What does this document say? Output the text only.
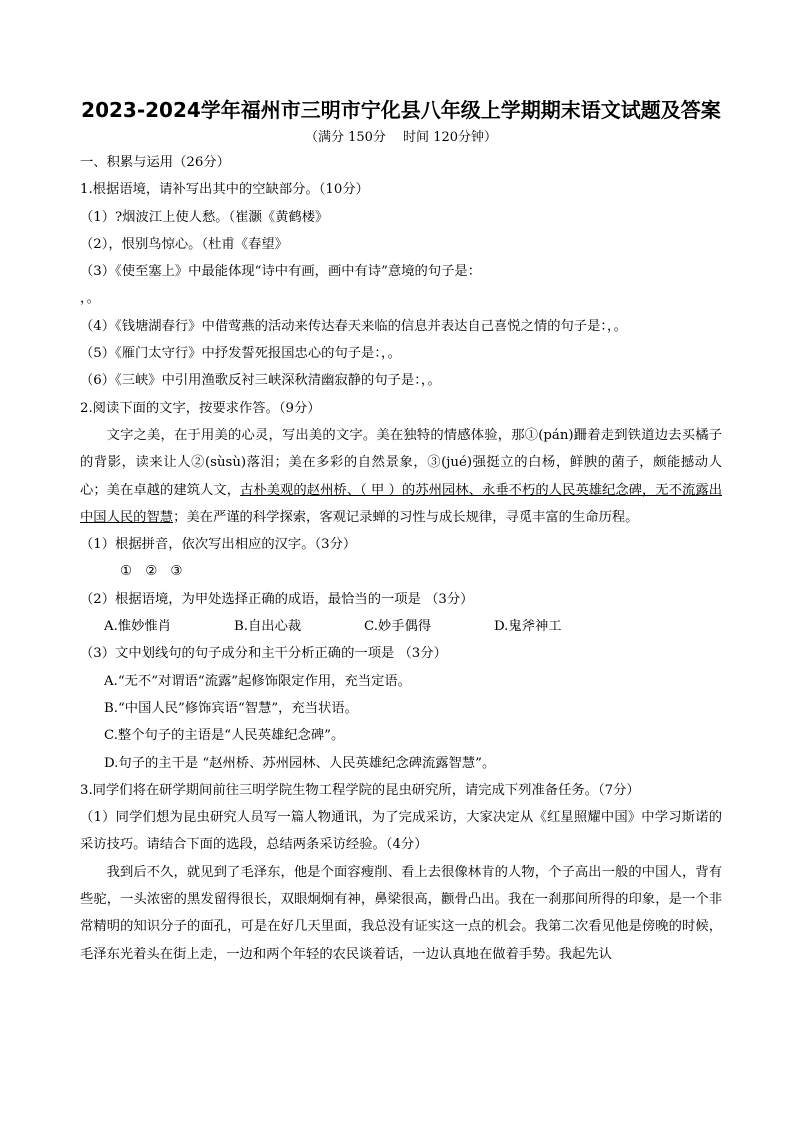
2023-2024学年福州市三明市宁化县八年级上学期期末语文试题及答案
（满分 150分　 时间 120分钟）
一、积累与运用（26分）
1.根据语境，请补写出其中的空缺部分。（10分）
（1）?烟波江上使人愁。（崔灏《黄鹤楼》
（2），恨别鸟惊心。（杜甫《春望》
（3）《使至塞上》中最能体现“诗中有画，画中有诗”意境的句子是：
，。
（4）《钱塘湖春行》中借莺燕的活动来传达春天来临的信息并表达自己喜悦之情的句子是：，。
（5）《雁门太守行》中抒发誓死报国忠心的句子是：，。
（6）《三峡》中引用渔歌反衬三峡深秋清幽寂静的句子是：，。
2.阅读下面的文字，按要求作答。（9分）
文字之美，在于用美的心灵，写出美的文字。美在独特的情感体验，那①(pán)跚着走到铁道边去买橘子的背影，读来让人②(sùsù)落泪；美在多彩的自然景象，③(jué)强挺立的白杨，鲜腴的菌子，颇能撼动人心；美在卓越的建筑人文，古朴美观的赵州桥、（ 甲 ）的苏州园林、永垂不朽的人民英雄纪念碑，无不流露出中国人民的智慧；美在严谨的科学探索，客观记录蝉的习性与成长规律，寻觅丰富的生命历程。
（1）根据拼音，依次写出相应的汉字。（3分）
①　②　③
（2）根据语境，为甲处选择正确的成语，最恰当的一项是 （3分）
A.惟妙惟肖	B.自出心裁	C.妙手偶得	D.鬼斧神工
（3）文中划线句的句子成分和主干分析正确的一项是 （3分）
A.“无不”对谓语“流露”起修饰限定作用，充当定语。
B.“中国人民”修饰宾语“智慧”，充当状语。
C.整个句子的主语是“人民英雄纪念碑”。
D.句子的主干是 “赵州桥、苏州园林、人民英雄纪念碑流露智慧”。
3.同学们将在研学期间前往三明学院生物工程学院的昆虫研究所，请完成下列准备任务。（7分）
（1）同学们想为昆虫研究人员写一篇人物通讯，为了完成采访，大家决定从《红星照耀中国》中学习斯诺的采访技巧。请结合下面的选段，总结两条采访经验。（4分）
我到后不久，就见到了毛泽东，他是个面容瘦削、看上去很像林肯的人物，个子高出一般的中国人，背有些驼，一头浓密的黑发留得很长，双眼炯炯有神，鼻梁很高，颧骨凸出。我在一刹那间所得的印象，是一个非常精明的知识分子的面孔，可是在好几天里面，我总没有证实这一点的机会。我第二次看见他是傍晚的时候，毛泽东光着头在街上走，一边和两个年轻的农民谈着话，一边认真地在做着手势。我起先认
